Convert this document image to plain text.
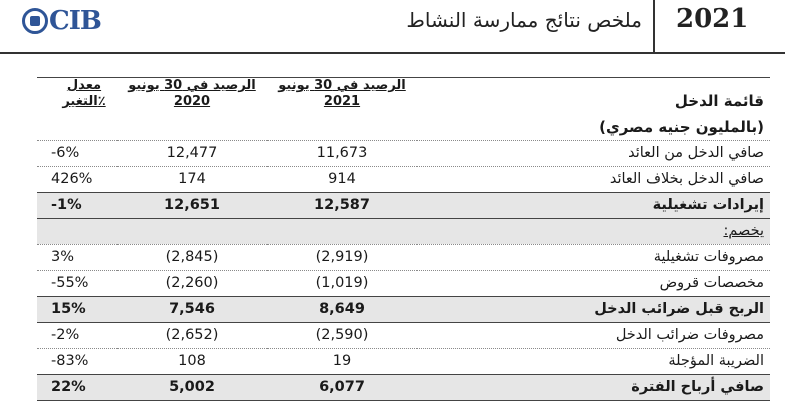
CIB	ملخص نتائج ممارسة النشاط 2021
معدل التغير٪	الرصيد في 30 يونيو 2020	الرصيد في 30 يونيو 2021	قائمة الدخل
			(بالمليون جنيه مصري)
-6%	12,477	11,673	صافي الدخل من العائد
426%	174	914	صافي الدخل بخلاف العائد
-1%	12,651	12,587	إيرادات تشغيلية
			يخصم:
3%	(2,845)	(2,919)	مصروفات تشغيلية
-55%	(2,260)	(1,019)	مخصصات قروض
15%	7,546	8,649	الربح قبل ضرائب الدخل
-2%	(2,652)	(2,590)	مصروفات ضرائب الدخل
-83%	108	19	الضريبة المؤجلة
22%	5,002	6,077	صافي أرباح الفترة
